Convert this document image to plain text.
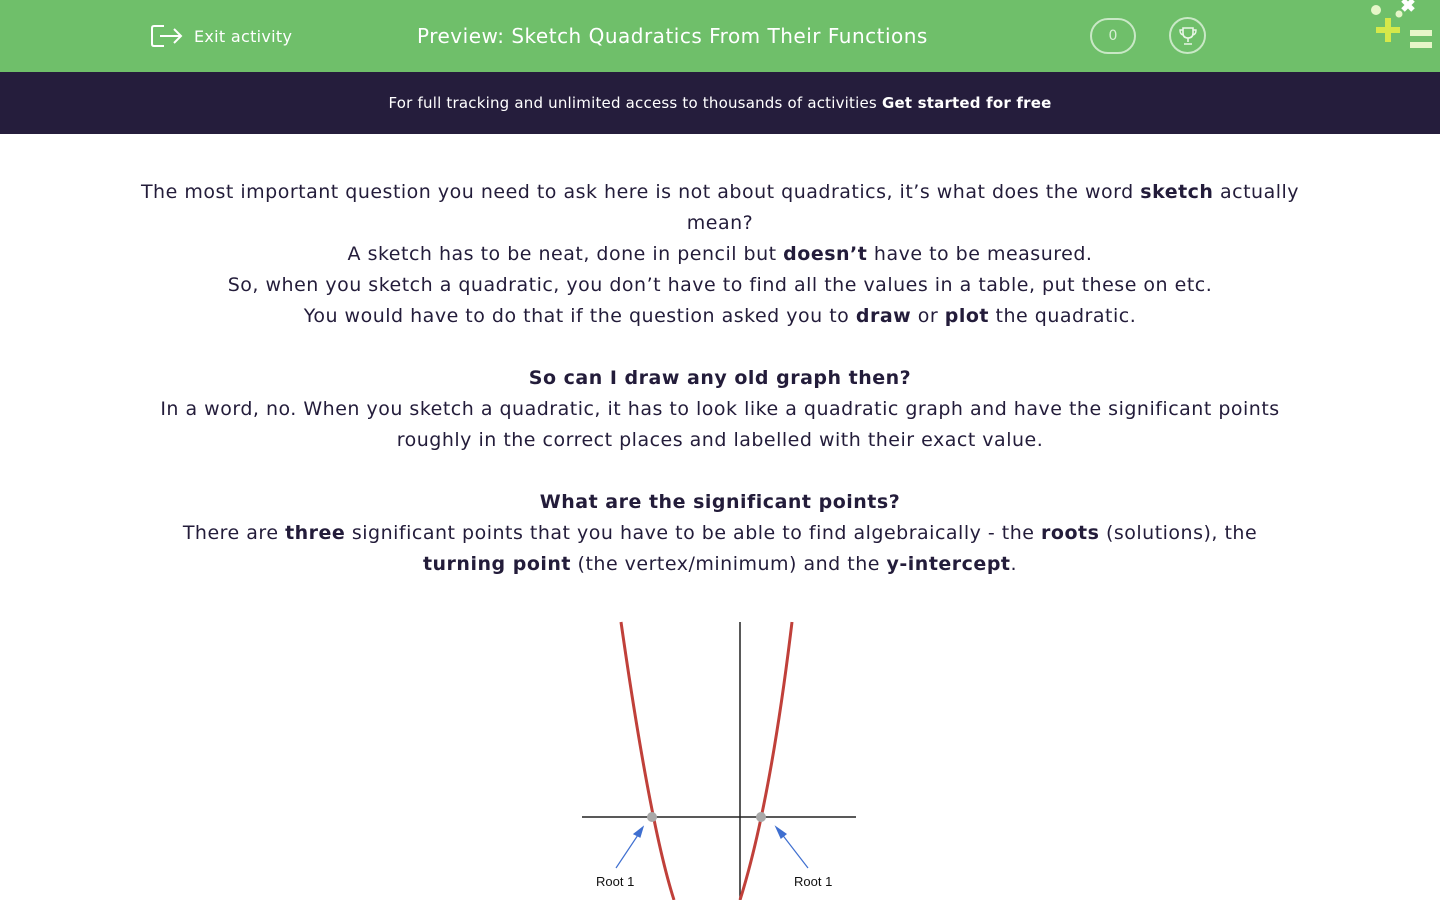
Exit activity	Preview: Sketch Quadratics From Their Functions	0
For full tracking and unlimited access to thousands of activities Get started for free

The most important question you need to ask here is not about quadratics, it’s what does the word sketch actually mean?

A sketch has to be neat, done in pencil but doesn’t have to be measured.

So, when you sketch a quadratic, you don’t have to find all the values in a table, put these on etc.

You would have to do that if the question asked you to draw or plot the quadratic.

So can I draw any old graph then?

In a word, no. When you sketch a quadratic, it has to look like a quadratic graph and have the significant points roughly in the correct places and labelled with their exact value.

What are the significant points?

There are three significant points that you have to be able to find algebraically - the roots (solutions), the turning point (the vertex/minimum) and the y-intercept.

Root 1	Root 1
